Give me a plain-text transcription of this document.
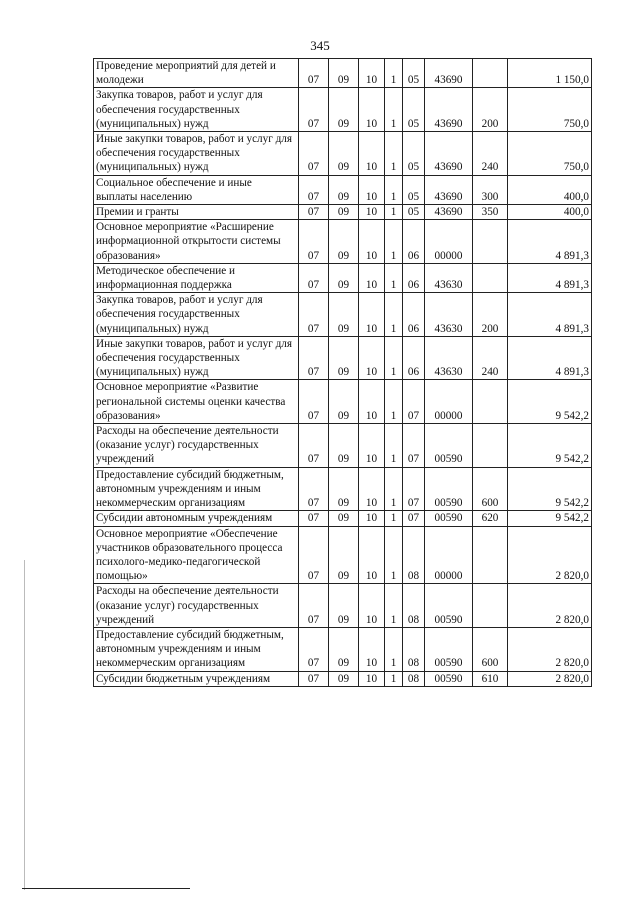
345
Проведение мероприятий для детей и молодежи	07	09	10	1	05	43690		1 150,0
Закупка товаров, работ и услуг для обеспечения государственных (муниципальных) нужд	07	09	10	1	05	43690	200	750,0
Иные закупки товаров, работ и услуг для обеспечения государственных (муниципальных) нужд	07	09	10	1	05	43690	240	750,0
Социальное обеспечение и иные выплаты населению	07	09	10	1	05	43690	300	400,0
Премии и гранты	07	09	10	1	05	43690	350	400,0
Основное мероприятие «Расширение информационной открытости системы образования»	07	09	10	1	06	00000		4 891,3
Методическое обеспечение и информационная поддержка	07	09	10	1	06	43630		4 891,3
Закупка товаров, работ и услуг для обеспечения государственных (муниципальных) нужд	07	09	10	1	06	43630	200	4 891,3
Иные закупки товаров, работ и услуг для обеспечения государственных (муниципальных) нужд	07	09	10	1	06	43630	240	4 891,3
Основное мероприятие «Развитие региональной системы оценки качества образования»	07	09	10	1	07	00000		9 542,2
Расходы на обеспечение деятельности (оказание услуг) государственных учреждений	07	09	10	1	07	00590		9 542,2
Предоставление субсидий бюджетным, автономным учреждениям и иным некоммерческим организациям	07	09	10	1	07	00590	600	9 542,2
Субсидии автономным учреждениям	07	09	10	1	07	00590	620	9 542,2
Основное мероприятие «Обеспечение участников образовательного процесса психолого-медико-педагогической помощью»	07	09	10	1	08	00000		2 820,0
Расходы на обеспечение деятельности (оказание услуг) государственных учреждений	07	09	10	1	08	00590		2 820,0
Предоставление субсидий бюджетным, автономным учреждениям и иным некоммерческим организациям	07	09	10	1	08	00590	600	2 820,0
Субсидии бюджетным учреждениям	07	09	10	1	08	00590	610	2 820,0
